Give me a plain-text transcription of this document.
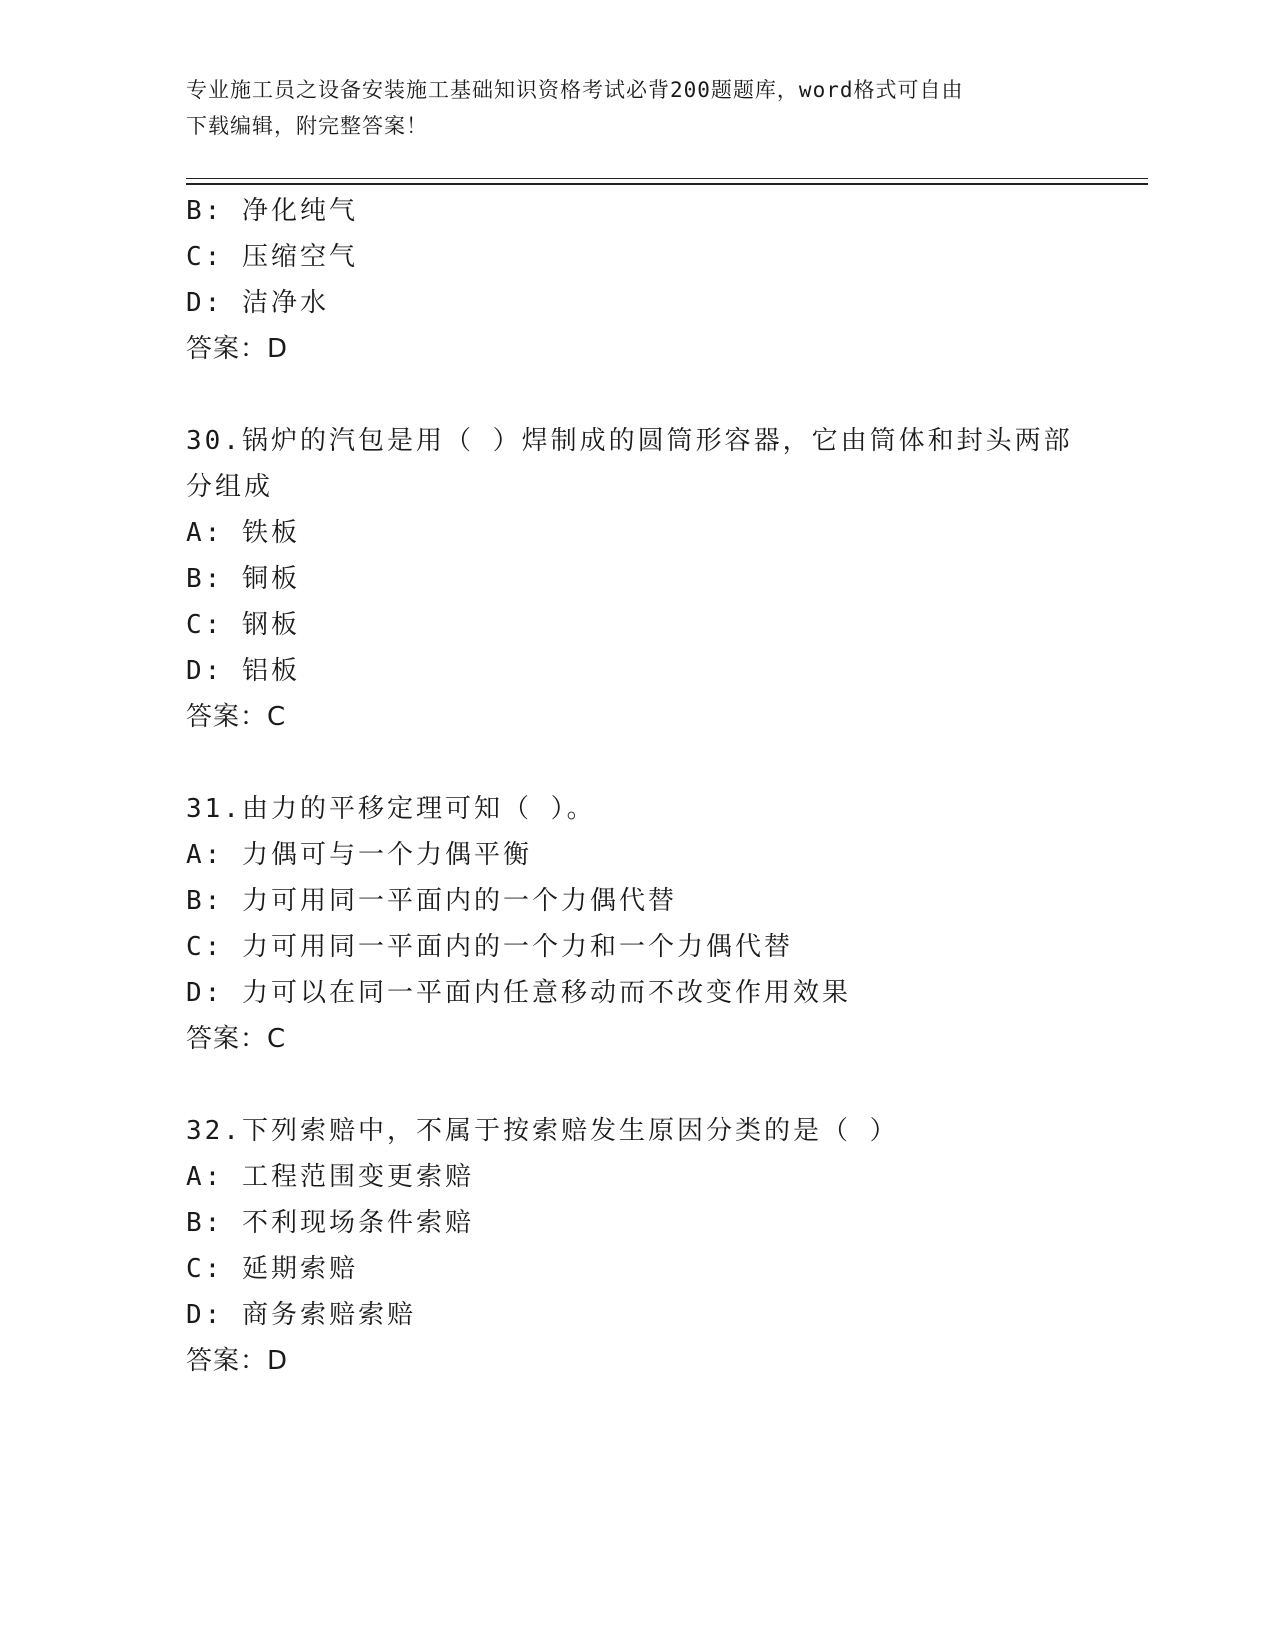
专业施工员之设备安装施工基础知识资格考试必背200题题库，word格式可自由
下载编辑，附完整答案！
B: 净化纯气
C: 压缩空气
D: 洁净水
答案：D
30.锅炉的汽包是用（ ）焊制成的圆筒形容器，它由筒体和封头两部
分组成
A: 铁板
B: 铜板
C: 钢板
D: 铝板
答案：C
31.由力的平移定理可知（ ）。
A: 力偶可与一个力偶平衡
B: 力可用同一平面内的一个力偶代替
C: 力可用同一平面内的一个力和一个力偶代替
D: 力可以在同一平面内任意移动而不改变作用效果
答案：C
32.下列索赔中，不属于按索赔发生原因分类的是（ ）
A: 工程范围变更索赔
B: 不利现场条件索赔
C: 延期索赔
D: 商务索赔索赔
答案：D
